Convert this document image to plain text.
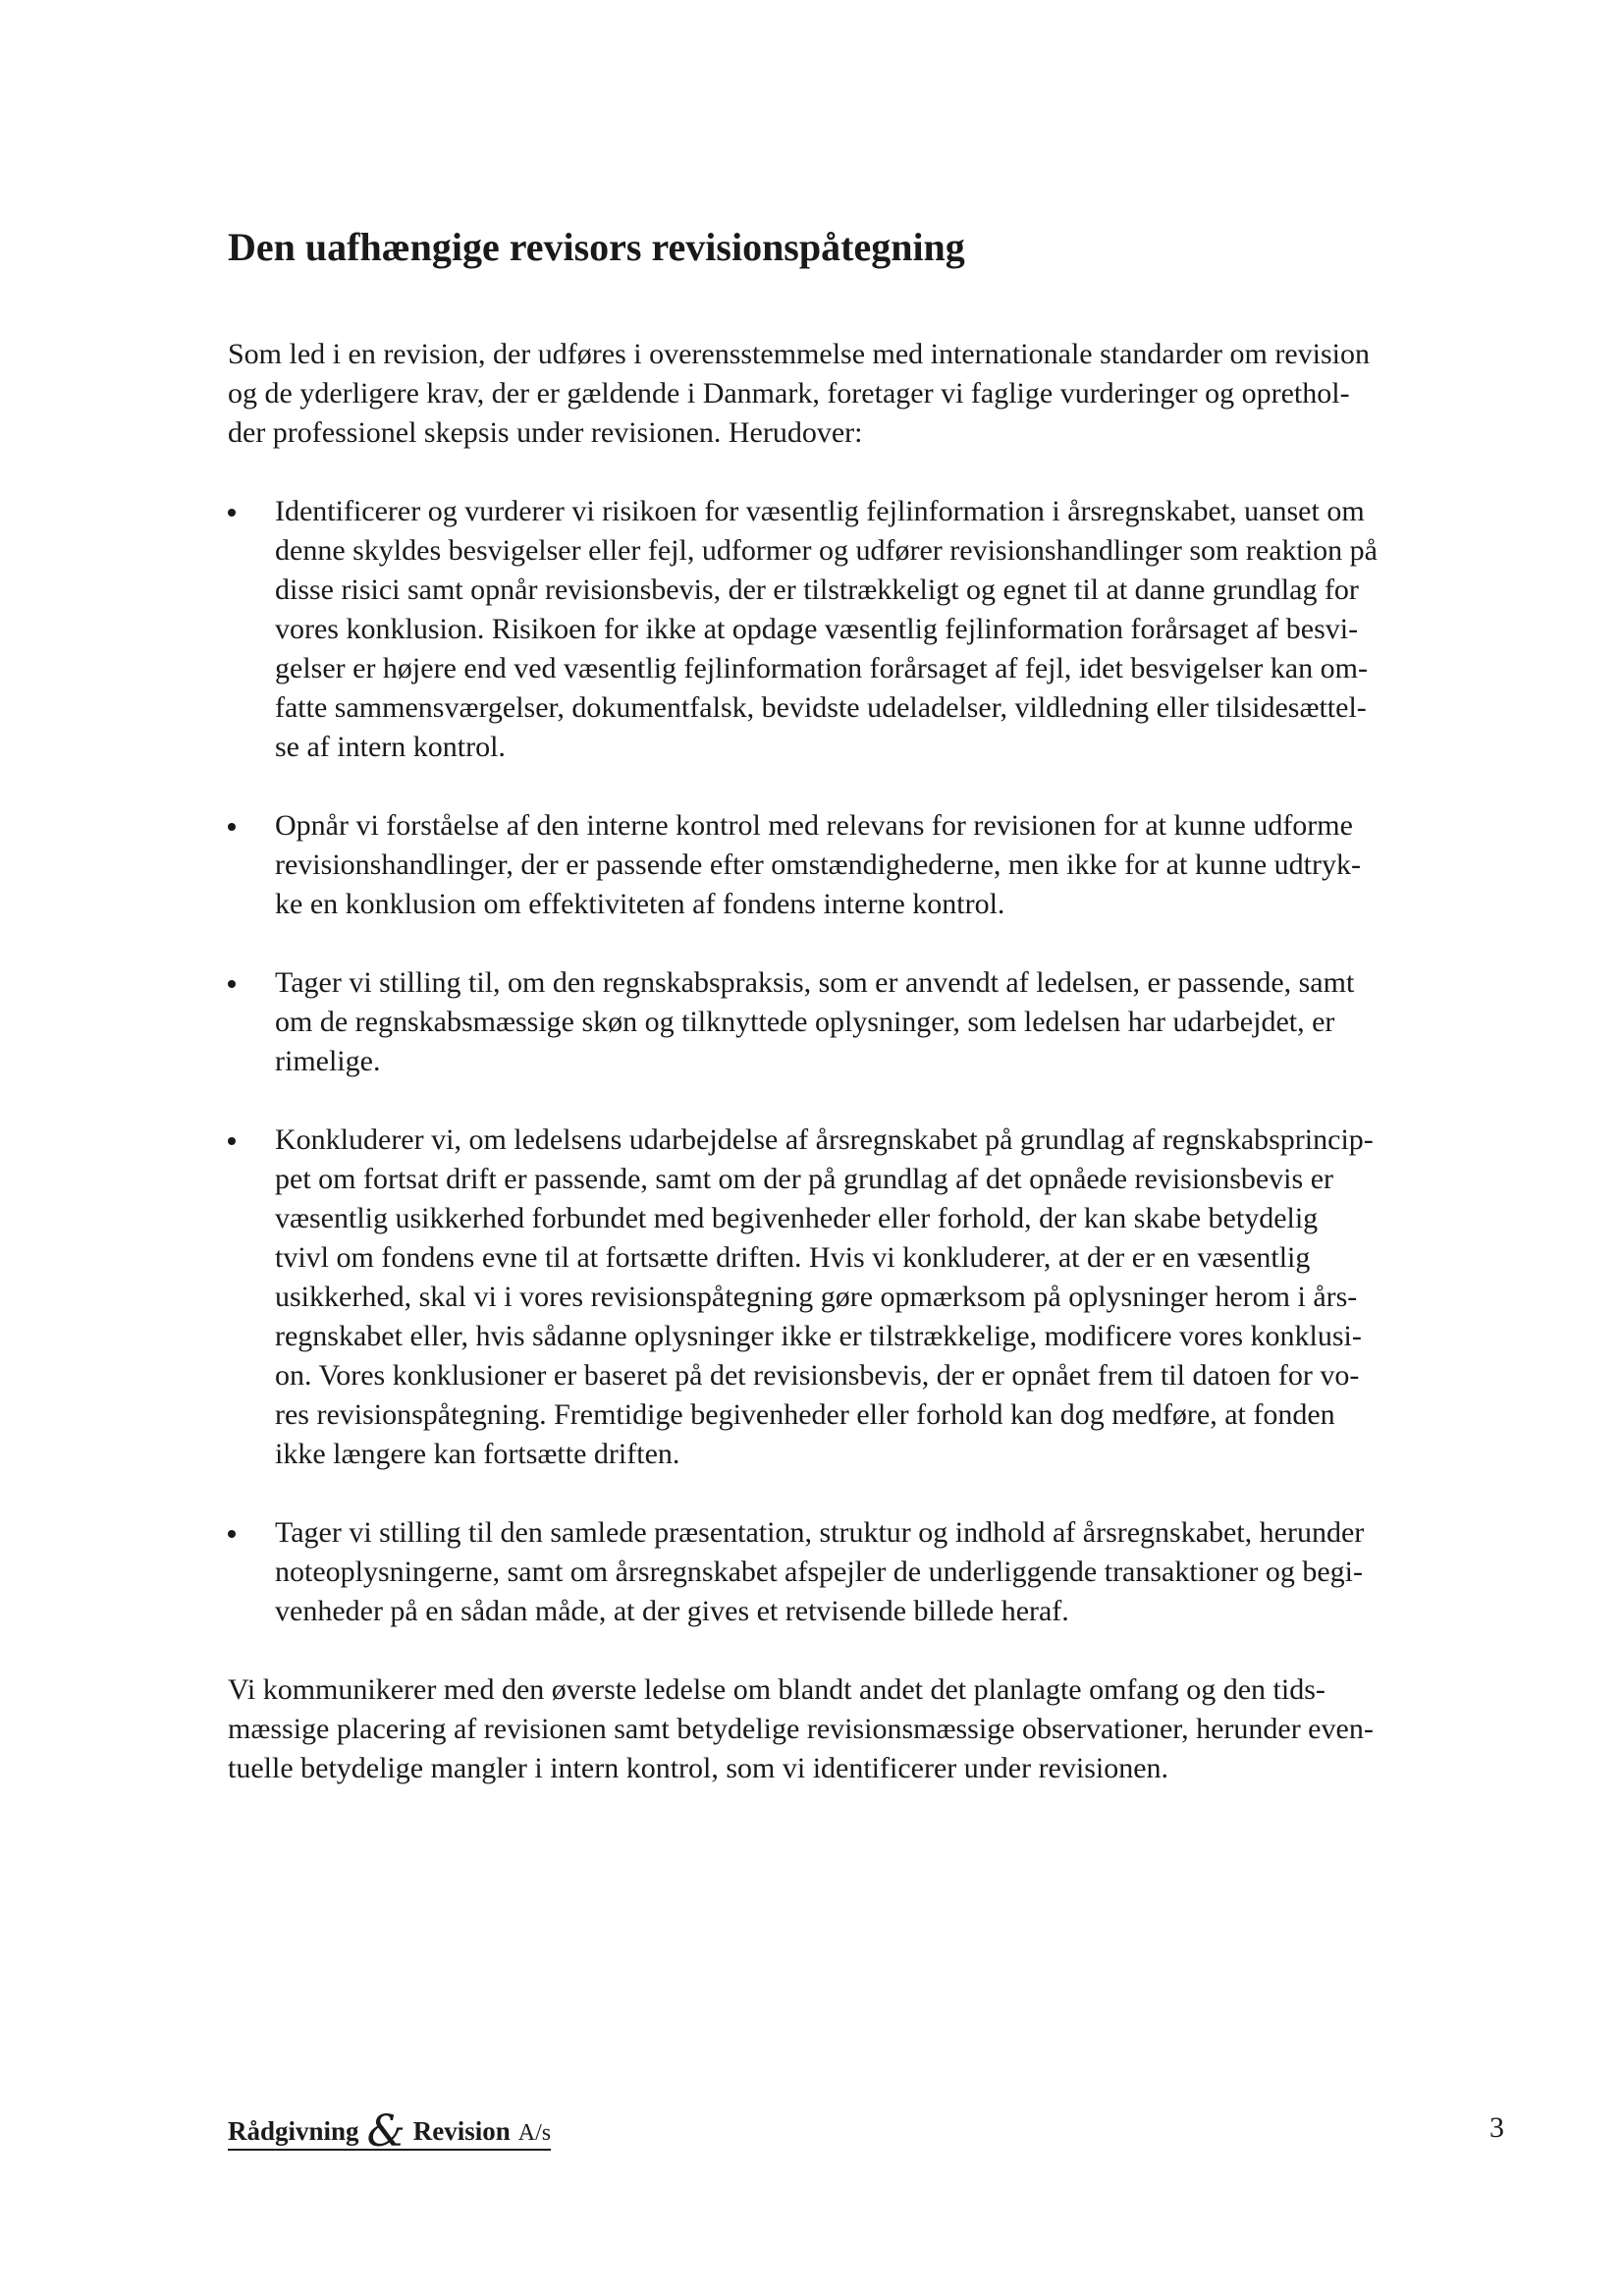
Den uafhængige revisors revisionspåtegning

Som led i en revision, der udføres i overensstemmelse med internationale standarder om revision
og de yderligere krav, der er gældende i Danmark, foretager vi faglige vurderinger og oprethol-
der professionel skepsis under revisionen. Herudover:

Identificerer og vurderer vi risikoen for væsentlig fejlinformation i årsregnskabet, uanset om
denne skyldes besvigelser eller fejl, udformer og udfører revisionshandlinger som reaktion på
disse risici samt opnår revisionsbevis, der er tilstrækkeligt og egnet til at danne grundlag for
vores konklusion. Risikoen for ikke at opdage væsentlig fejlinformation forårsaget af besvi-
gelser er højere end ved væsentlig fejlinformation forårsaget af fejl, idet besvigelser kan om-
fatte sammensværgelser, dokumentfalsk, bevidste udeladelser, vildledning eller tilsidesættel-
se af intern kontrol.

Opnår vi forståelse af den interne kontrol med relevans for revisionen for at kunne udforme
revisionshandlinger, der er passende efter omstændighederne, men ikke for at kunne udtryk-
ke en konklusion om effektiviteten af fondens interne kontrol.

Tager vi stilling til, om den regnskabspraksis, som er anvendt af ledelsen, er passende, samt
om de regnskabsmæssige skøn og tilknyttede oplysninger, som ledelsen har udarbejdet, er
rimelige.

Konkluderer vi, om ledelsens udarbejdelse af årsregnskabet på grundlag af regnskabsprincip-
pet om fortsat drift er passende, samt om der på grundlag af det opnåede revisionsbevis er
væsentlig usikkerhed forbundet med begivenheder eller forhold, der kan skabe betydelig
tvivl om fondens evne til at fortsætte driften. Hvis vi konkluderer, at der er en væsentlig
usikkerhed, skal vi i vores revisionspåtegning gøre opmærksom på oplysninger herom i års-
regnskabet eller, hvis sådanne oplysninger ikke er tilstrækkelige, modificere vores konklusi-
on. Vores konklusioner er baseret på det revisionsbevis, der er opnået frem til datoen for vo-
res revisionspåtegning. Fremtidige begivenheder eller forhold kan dog medføre, at fonden
ikke længere kan fortsætte driften.

Tager vi stilling til den samlede præsentation, struktur og indhold af årsregnskabet, herunder
noteoplysningerne, samt om årsregnskabet afspejler de underliggende transaktioner og begi-
venheder på en sådan måde, at der gives et retvisende billede heraf.

Vi kommunikerer med den øverste ledelse om blandt andet det planlagte omfang og den tids-
mæssige placering af revisionen samt betydelige revisionsmæssige observationer, herunder even-
tuelle betydelige mangler i intern kontrol, som vi identificerer under revisionen.

Rådgivning & Revision A/s	3
